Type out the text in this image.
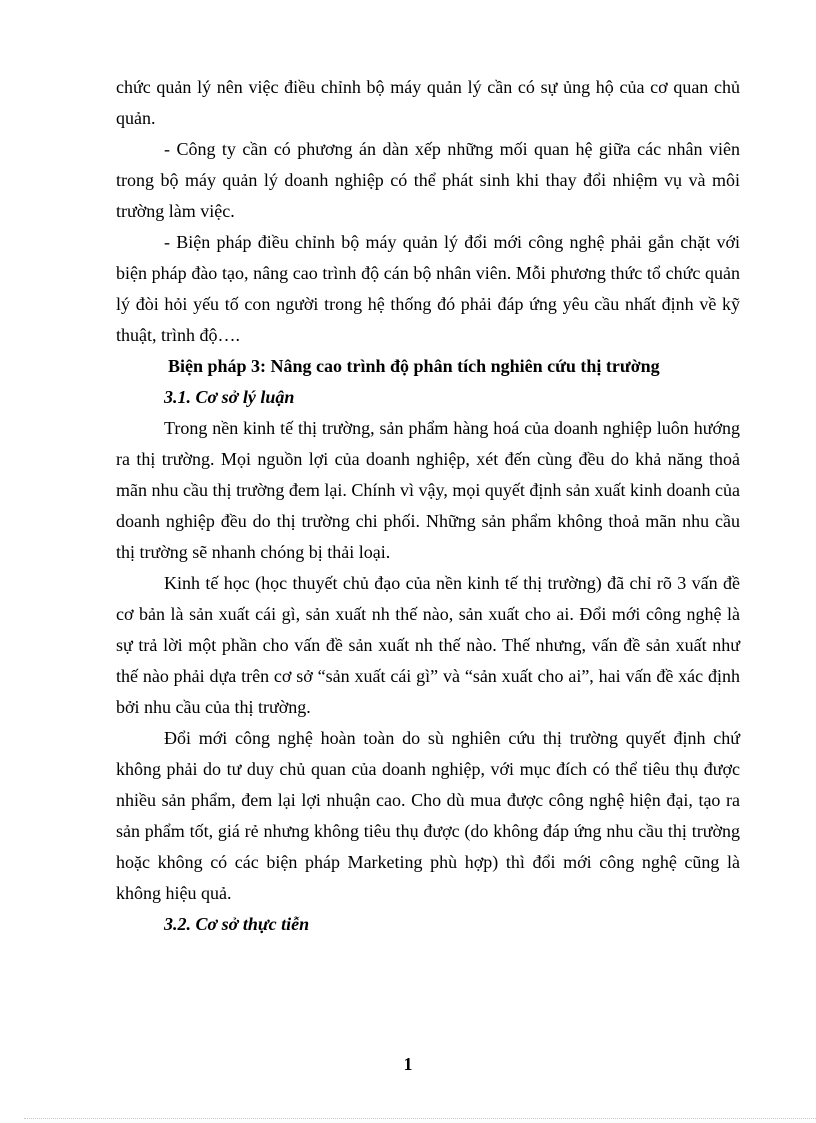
chức quản lý nên việc điều chỉnh bộ máy quản lý cần có sự ủng hộ của cơ quan chủ quản.

- Công ty cần có phương án dàn xếp những mối quan hệ giữa các nhân viên trong bộ máy quản lý doanh nghiệp có thể phát sinh khi thay đổi nhiệm vụ và môi trường làm việc.

- Biện pháp điều chỉnh bộ máy quản lý đổi mới công nghệ phải gắn chặt với biện pháp đào tạo, nâng cao trình độ cán bộ nhân viên. Mỗi phương thức tổ chức quản lý đòi hỏi yếu tố con người trong hệ thống đó phải đáp ứng yêu cầu nhất định về kỹ thuật, trình độ….

Biện pháp 3: Nâng cao trình độ phân tích nghiên cứu thị trường

3.1. Cơ sở lý luận

Trong nền kinh tế thị trường, sản phẩm hàng hoá của doanh nghiệp luôn hướng ra thị trường. Mọi nguồn lợi của doanh nghiệp, xét đến cùng đều do khả năng thoả mãn nhu cầu thị trường đem lại. Chính vì vậy, mọi quyết định sản xuất kinh doanh của doanh nghiệp đều do thị trường chi phối. Những sản phẩm không thoả mãn nhu cầu thị trường sẽ nhanh chóng bị thải loại.

Kinh tế học (học thuyết chủ đạo của nền kinh tế thị trường) đã chỉ rõ 3 vấn đề cơ bản là sản xuất cái gì, sản xuất nh thế nào, sản xuất cho ai. Đổi mới công nghệ là sự trả lời một phần cho vấn đề sản xuất nh thế nào. Thế nhưng, vấn đề sản xuất như thế nào phải dựa trên cơ sở “sản xuất cái gì” và “sản xuất cho ai”, hai vấn đề xác định bởi nhu cầu của thị trường.

Đổi mới công nghệ hoàn toàn do sù nghiên cứu thị trường quyết định chứ không phải do tư duy chủ quan của doanh nghiệp, với mục đích có thể tiêu thụ được nhiều sản phẩm, đem lại lợi nhuận cao. Cho dù mua được công nghệ hiện đại, tạo ra sản phẩm tốt, giá rẻ nhưng không tiêu thụ được (do không đáp ứng nhu cầu thị trường hoặc không có các biện pháp Marketing phù hợp) thì đổi mới công nghệ cũng là không hiệu quả.

3.2. Cơ sở thực tiễn

1
